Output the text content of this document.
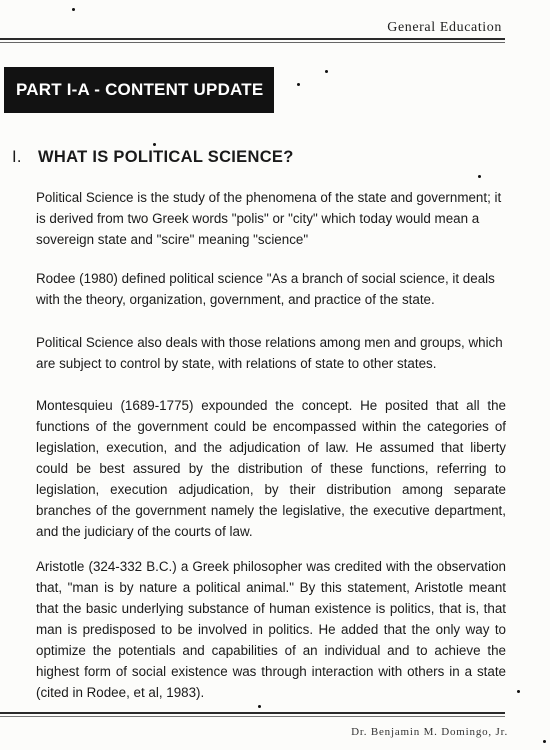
General Education
PART I-A - CONTENT UPDATE
I. WHAT IS POLITICAL SCIENCE?

Political Science is the study of the phenomena of the state and government; it is derived from two Greek words "polis" or "city" which today would mean a sovereign state and "scire" meaning "science"

Rodee (1980) defined political science "As a branch of social science, it deals with the theory, organization, government, and practice of the state.

Political Science also deals with those relations among men and groups, which are subject to control by state, with relations of state to other states.

Montesquieu (1689-1775) expounded the concept. He posited that all the functions of the government could be encompassed within the categories of legislation, execution, and the adjudication of law. He assumed that liberty could be best assured by the distribution of these functions, referring to legislation, execution adjudication, by their distribution among separate branches of the government namely the legislative, the executive department, and the judiciary of the courts of law.

Aristotle (324-332 B.C.) a Greek philosopher was credited with the observation that, "man is by nature a political animal." By this statement, Aristotle meant that the basic underlying substance of human existence is politics, that is, that man is predisposed to be involved in politics. He added that the only way to optimize the potentials and capabilities of an individual and to achieve the highest form of social existence was through interaction with others in a state (cited in Rodee, et al, 1983).

Dr. Benjamin M. Domingo, Jr.
